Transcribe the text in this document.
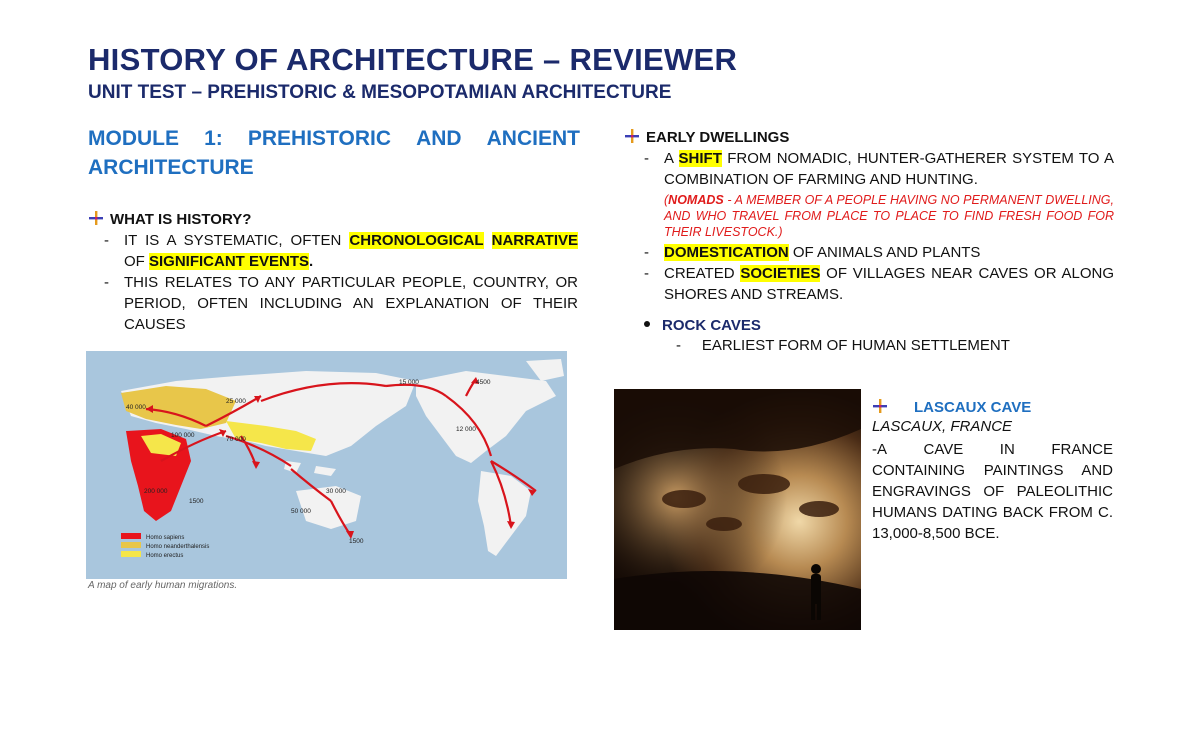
HISTORY OF ARCHITECTURE – REVIEWER
UNIT TEST – PREHISTORIC & MESOPOTAMIAN ARCHITECTURE
MODULE 1: PREHISTORIC AND ANCIENT
ARCHITECTURE
WHAT IS HISTORY?
-	IT IS A SYSTEMATIC, OFTEN CHRONOLOGICAL NARRATIVE OF SIGNIFICANT EVENTS.
-	THIS RELATES TO ANY PARTICULAR PEOPLE, COUNTRY, OR PERIOD, OFTEN INCLUDING AN EXPLANATION OF THEIR CAUSES
40 000
25 000
15 000	4500
100 000
70 000
12 000
200 000
1500
30 000
50 000
1500
Homo sapiens
Homo neanderthalensis
Homo erectus
A map of early human migrations.
EARLY DWELLINGS
-	A SHIFT FROM NOMADIC, HUNTER-GATHERER SYSTEM TO A COMBINATION OF FARMING AND HUNTING.
(NOMADS - A MEMBER OF A PEOPLE HAVING NO PERMANENT DWELLING, AND WHO TRAVEL FROM PLACE TO PLACE TO FIND FRESH FOOD FOR THEIR LIVESTOCK.)
-	DOMESTICATION OF ANIMALS AND PLANTS
-	CREATED SOCIETIES OF VILLAGES NEAR CAVES OR ALONG SHORES AND STREAMS.
ROCK CAVES
-     EARLIEST FORM OF HUMAN SETTLEMENT
LASCAUX CAVE
LASCAUX, FRANCE
-A CAVE IN FRANCE
CONTAINING PAINTINGS AND ENGRAVINGS OF PALEOLITHIC HUMANS DATING BACK FROM C. 13,000-8,500 BCE.
